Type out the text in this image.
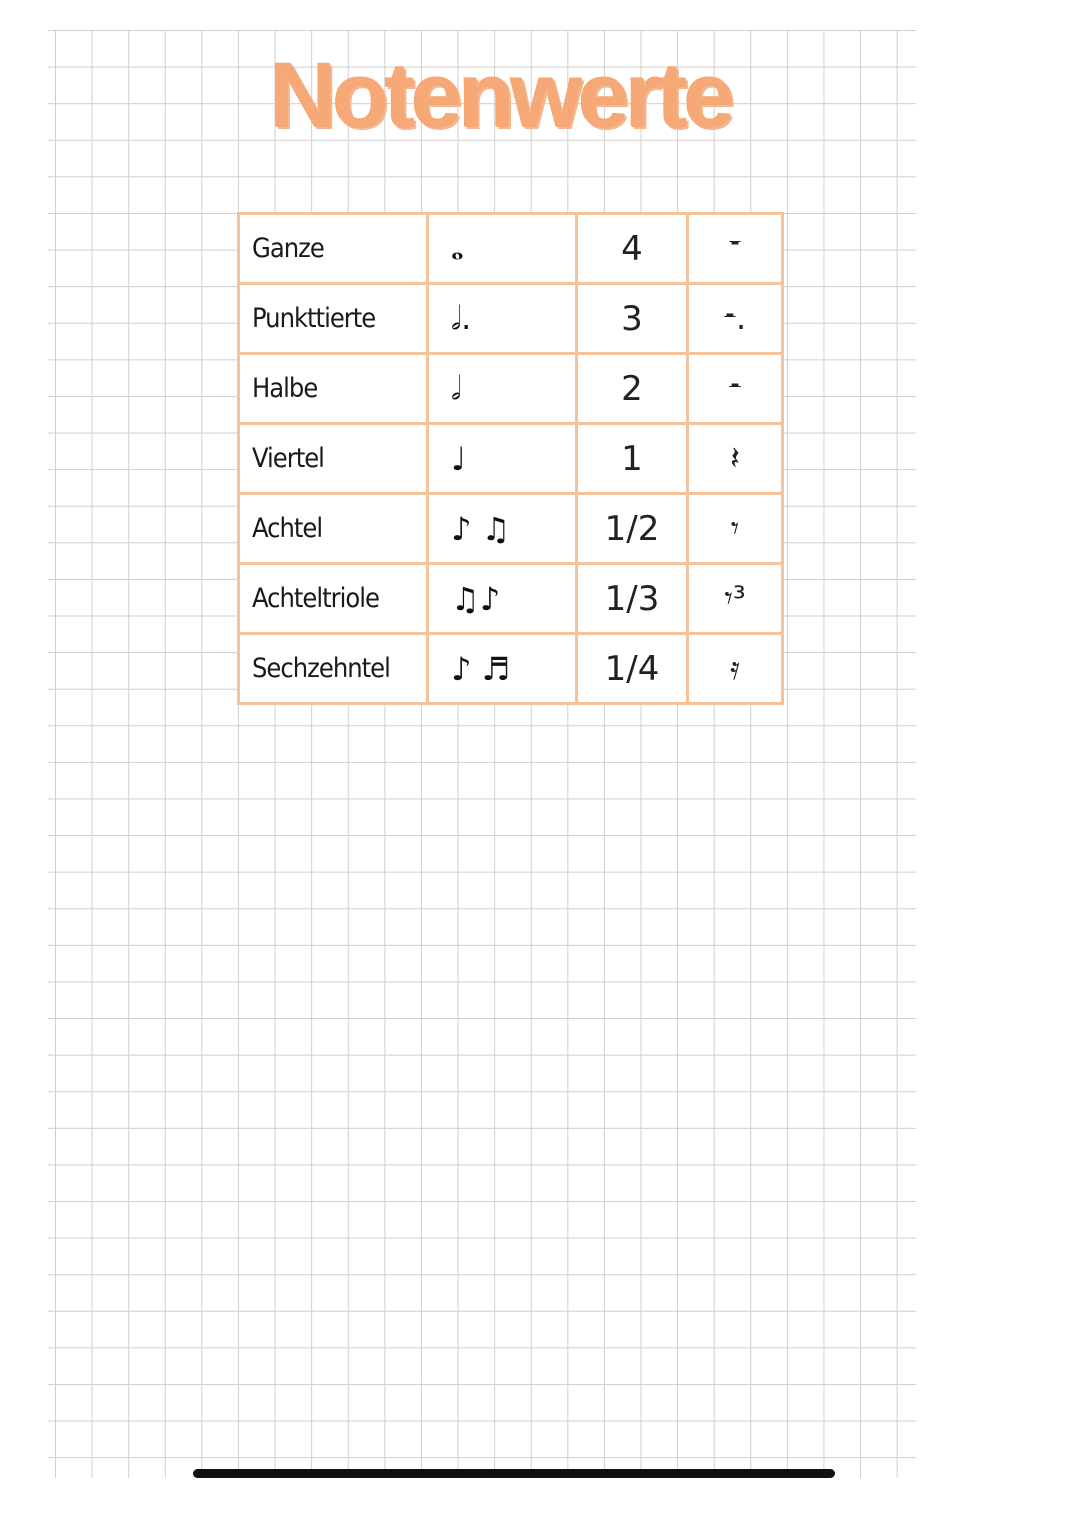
Notenwerte
Ganze	𝅝	4	𝄻
Punkttierte	𝅗𝅥.	3	𝄼.
Halbe	𝅗𝅥	2	𝄼
Viertel	♩	1	𝄽
Achtel	♪ ♫	1/2	𝄾
Achteltriole	♫♪	1/3	𝄾³
Sechzehntel	♪ ♬	1/4	𝄿
